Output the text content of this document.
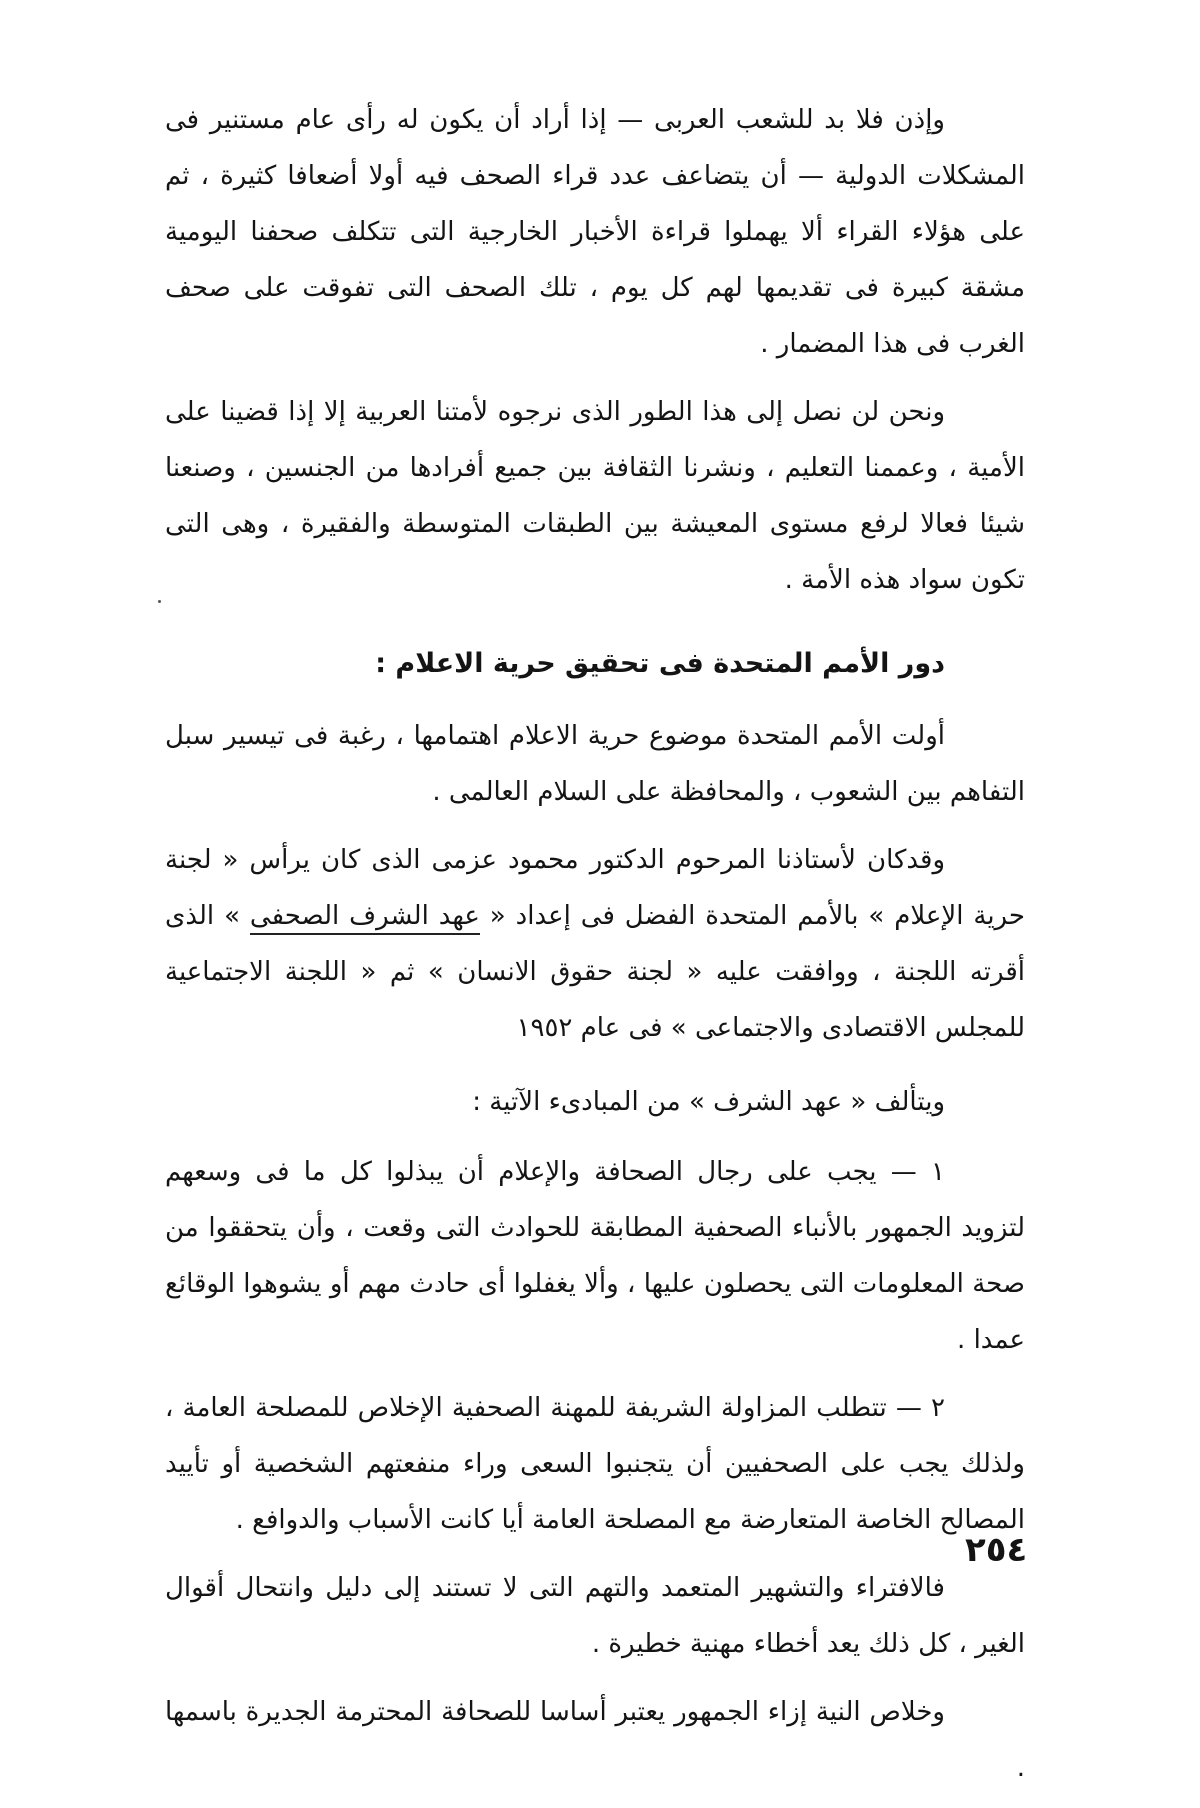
وإذن فلا بد للشعب العربى — إذا أراد أن يكون له رأى عام مستنير فى المشكلات الدولية — أن يتضاعف عدد قراء الصحف فيه أولا أضعافا كثيرة ، ثم على هؤلاء القراء ألا يهملوا قراءة الأخبار الخارجية التى تتكلف صحفنا اليومية مشقة كبيرة فى تقديمها لهم كل يوم ، تلك الصحف التى تفوقت على صحف الغرب فى هذا المضمار .

ونحن لن نصل إلى هذا الطور الذى نرجوه لأمتنا العربية إلا إذا قضينا على الأمية ، وعممنا التعليم ، ونشرنا الثقافة بين جميع أفرادها من الجنسين ، وصنعنا شيئا فعالا لرفع مستوى المعيشة بين الطبقات المتوسطة والفقيرة ، وهى التى تكون سواد هذه الأمة .

دور الأمم المتحدة فى تحقيق حرية الاعلام :

أولت الأمم المتحدة موضوع حرية الاعلام اهتمامها ، رغبة فى تيسير سبل التفاهم بين الشعوب ، والمحافظة على السلام العالمى .

وقدكان لأستاذنا المرحوم الدكتور محمود عزمى الذى كان يرأس « لجنة حرية الإعلام » بالأمم المتحدة الفضل فى إعداد « عهد الشرف الصحفى » الذى أقرته اللجنة ، ووافقت عليه « لجنة حقوق الانسان » ثم « اللجنة الاجتماعية للمجلس الاقتصادى والاجتماعى » فى عام ١٩٥٢

ويتألف « عهد الشرف » من المبادىء الآتية :

١ — يجب على رجال الصحافة والإعلام أن يبذلوا كل ما فى وسعهم لتزويد الجمهور بالأنباء الصحفية المطابقة للحوادث التى وقعت ، وأن يتحققوا من صحة المعلومات التى يحصلون عليها ، وألا يغفلوا أى حادث مهم أو يشوهوا الوقائع عمدا .

٢ — تتطلب المزاولة الشريفة للمهنة الصحفية الإخلاص للمصلحة العامة ، ولذلك يجب على الصحفيين أن يتجنبوا السعى وراء منفعتهم الشخصية أو تأييد المصالح الخاصة المتعارضة مع المصلحة العامة أيا كانت الأسباب والدوافع .

فالافتراء والتشهير المتعمد والتهم التى لا تستند إلى دليل وانتحال أقوال الغير ، كل ذلك يعد أخطاء مهنية خطيرة .

وخلاص النية إزاء الجمهور يعتبر أساسا للصحافة المحترمة الجديرة باسمها .

٢٥٤
